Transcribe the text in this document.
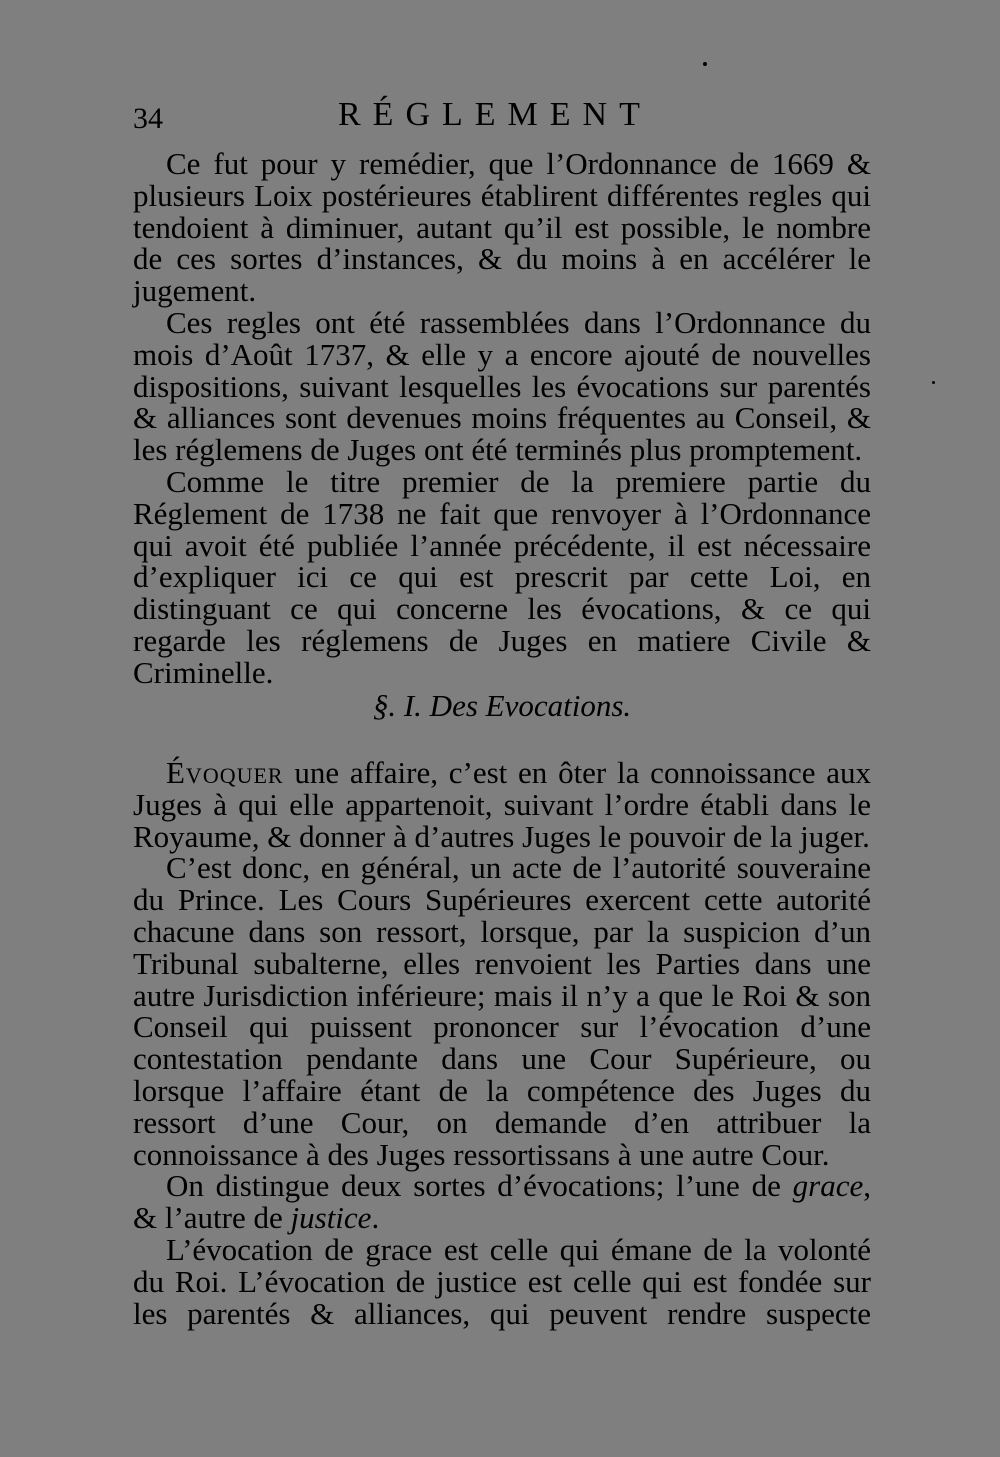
34	RÉGLEMENT

Ce fut pour y remédier, que l’Ordonnance de 1669 & plusieurs Loix postérieures établirent différentes regles qui tendoient à diminuer, autant qu’il est possible, le nombre de ces sortes d’instances, & du moins à en accélérer le jugement.

Ces regles ont été rassemblées dans l’Ordonnance du mois d’Août 1737, & elle y a encore ajouté de nouvelles dispositions, suivant lesquelles les évocations sur parentés & alliances sont devenues moins fréquentes au Conseil, & les réglemens de Juges ont été terminés plus promptement.

Comme le titre premier de la premiere partie du Réglement de 1738 ne fait que renvoyer à l’Ordonnance qui avoit été publiée l’année précédente, il est nécessaire d’expliquer ici ce qui est prescrit par cette Loi, en distinguant ce qui concerne les évocations, & ce qui regarde les réglemens de Juges en matiere Civile & Criminelle.

§. I. Des Evocations.

Évoquer une affaire, c’est en ôter la connoissance aux Juges à qui elle appartenoit, suivant l’ordre établi dans le Royaume, & donner à d’autres Juges le pouvoir de la juger.

C’est donc, en général, un acte de l’autorité souveraine du Prince. Les Cours Supérieures exercent cette autorité chacune dans son ressort, lorsque, par la suspicion d’un Tribunal subalterne, elles renvoient les Parties dans une autre Jurisdiction inférieure; mais il n’y a que le Roi & son Conseil qui puissent prononcer sur l’évocation d’une contestation pendante dans une Cour Supérieure, ou lorsque l’affaire étant de la compétence des Juges du ressort d’une Cour, on demande d’en attribuer la connoissance à des Juges ressortissans à une autre Cour.

On distingue deux sortes d’évocations; l’une de grace, & l’autre de justice.

L’évocation de grace est celle qui émane de la volonté du Roi. L’évocation de justice est celle qui est fondée sur les parentés & alliances, qui peuvent rendre suspecte
